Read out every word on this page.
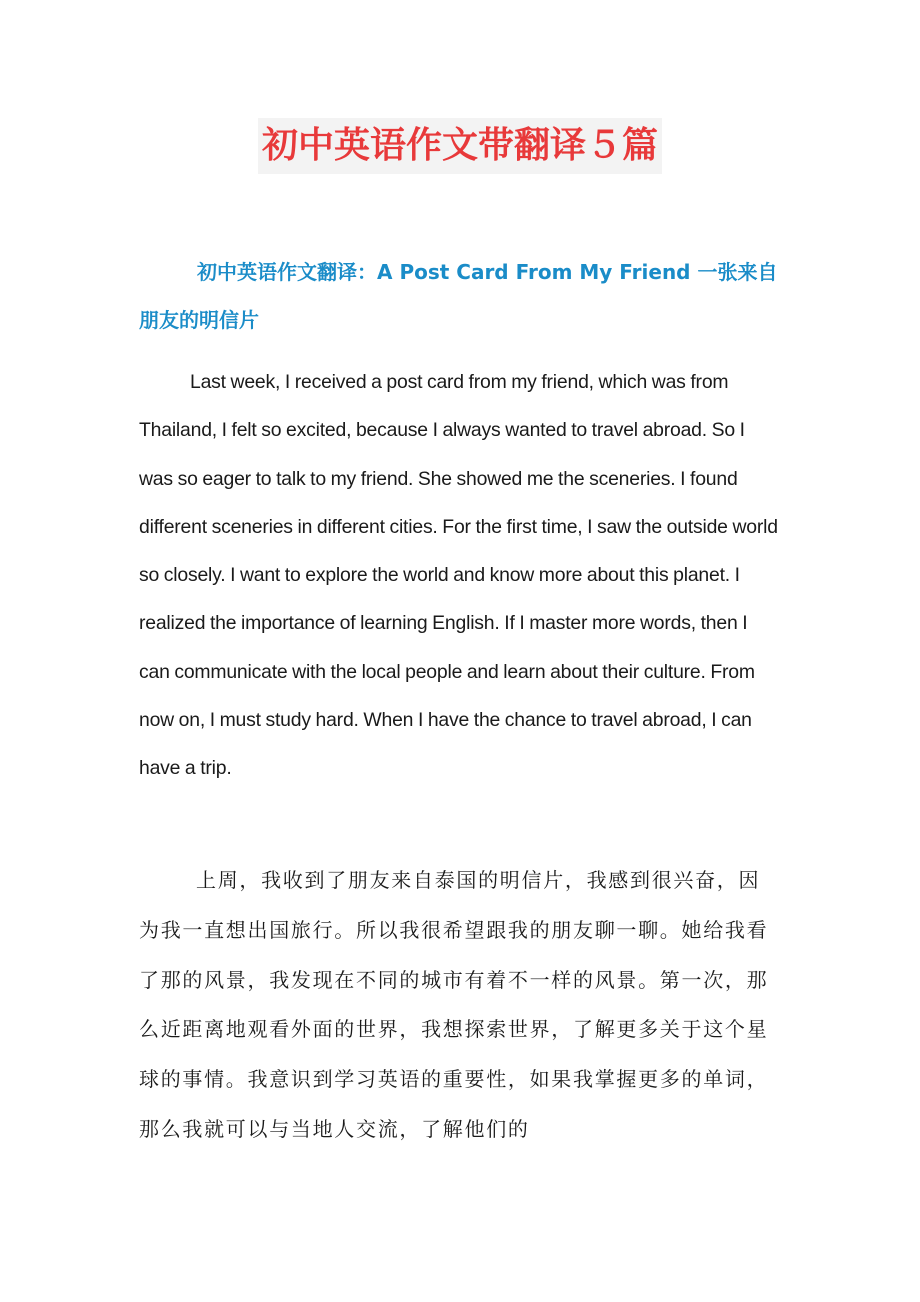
初中英语作文带翻译５篇
初中英语作文翻译：A Post Card From My Friend 一张来自朋友的明信片
Last week, I received a post card from my friend, which was from Thailand, I felt so excited, because I always wanted to travel abroad. So I was so eager to talk to my friend. She showed me the sceneries. I found different sceneries in different cities. For the first time, I saw the outside world so closely. I want to explore the world and know more about this planet. I realized the importance of learning English. If I master more words, then I can communicate with the local people and learn about their culture. From now on, I must study hard. When I have the chance to travel abroad, I can have a trip.
上周，我收到了朋友来自泰国的明信片，我感到很兴奋，因为我一直想出国旅行。所以我很希望跟我的朋友聊一聊。她给我看了那的风景，我发现在不同的城市有着不一样的风景。第一次，那么近距离地观看外面的世界，我想探索世界，了解更多关于这个星球的事情。我意识到学习英语的重要性，如果我掌握更多的单词，那么我就可以与当地人交流，了解他们的
